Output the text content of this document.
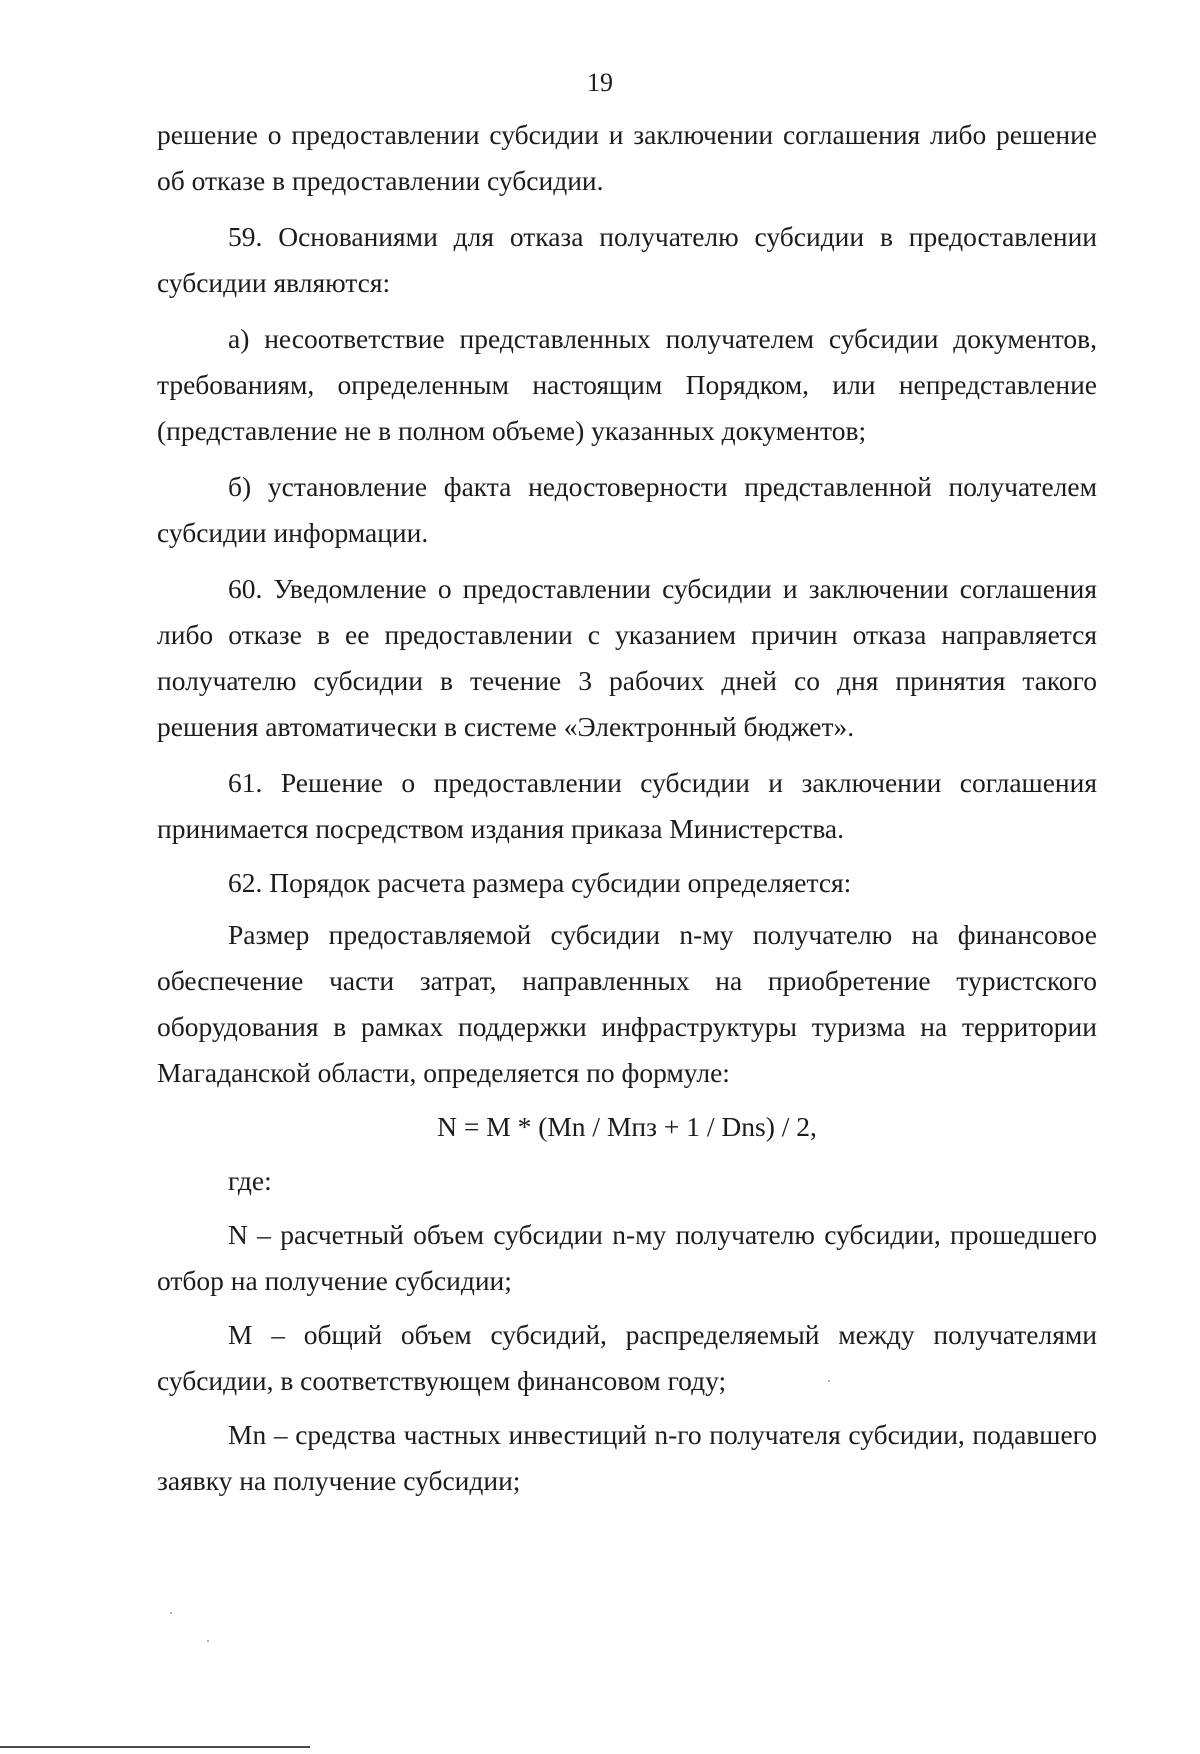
19

решение о предоставлении субсидии и заключении соглашения либо решение об отказе в предоставлении субсидии.

59. Основаниями для отказа получателю субсидии в предоставлении субсидии являются:

а) несоответствие представленных получателем субсидии документов, требованиям, определенным настоящим Порядком, или непредставление (представление не в полном объеме) указанных документов;

б) установление факта недостоверности представленной получателем субсидии информации.

60. Уведомление о предоставлении субсидии и заключении соглашения либо отказе в ее предоставлении с указанием причин отказа направляется получателю субсидии в течение 3 рабочих дней со дня принятия такого решения автоматически в системе «Электронный бюджет».

61. Решение о предоставлении субсидии и заключении соглашения принимается посредством издания приказа Министерства.

62. Порядок расчета размера субсидии определяется:

Размер предоставляемой субсидии n-му получателю на финансовое обеспечение части затрат, направленных на приобретение туристского оборудования в рамках поддержки инфраструктуры туризма на территории Магаданской области, определяется по формуле:

N = M * (Mn / Mпз + 1 / Dns) / 2,

где:

N – расчетный объем субсидии n-му получателю субсидии, прошедшего отбор на получение субсидии;

M – общий объем субсидий, распределяемый между получателями субсидии, в соответствующем финансовом году;

Mn – средства частных инвестиций n-го получателя субсидии, подавшего заявку на получение субсидии;
